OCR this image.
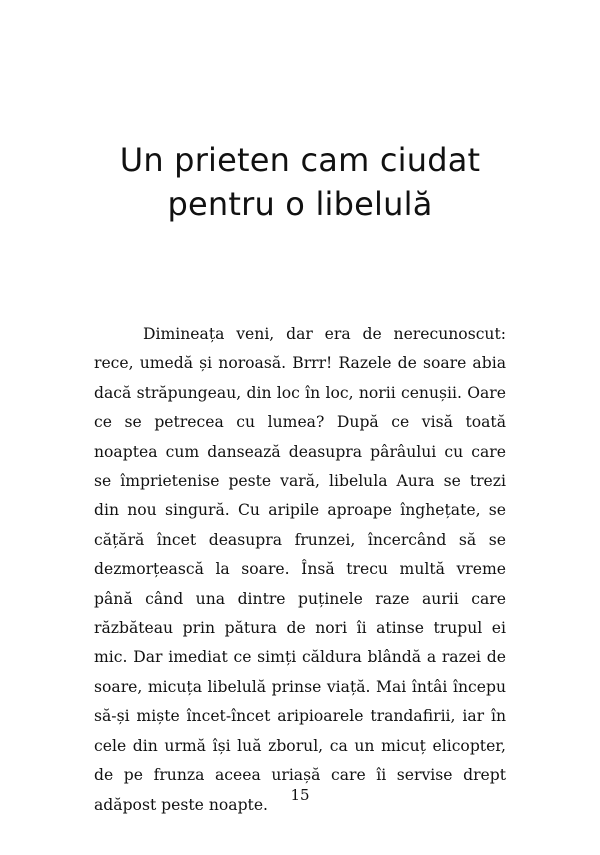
Un prieten cam ciudat
pentru o libelulă

Dimineața veni, dar era de nerecunoscut: rece, umedă și noroasă. Brrr! Razele de soare abia dacă străpungeau, din loc în loc, norii cenușii. Oare ce se petrecea cu lumea? După ce visă toată noaptea cum dansează deasupra pârâului cu care se împrietenise peste vară, libelula Aura se trezi din nou singură. Cu aripile aproape înghețate, se cățără încet deasupra frunzei, încercând să se dezmorțească la soare. Însă trecu multă vreme până când una dintre puținele raze aurii care răzbăteau prin pătura de nori îi atinse trupul ei mic. Dar imediat ce simți căldura blândă a razei de soare, micuța libelulă prinse viață. Mai întâi începu să-și miște încet-încet aripioarele trandafirii, iar în cele din urmă își luă zborul, ca un micuț elicopter, de pe frunza aceea uriașă care îi servise drept adăpost peste noapte.

15
